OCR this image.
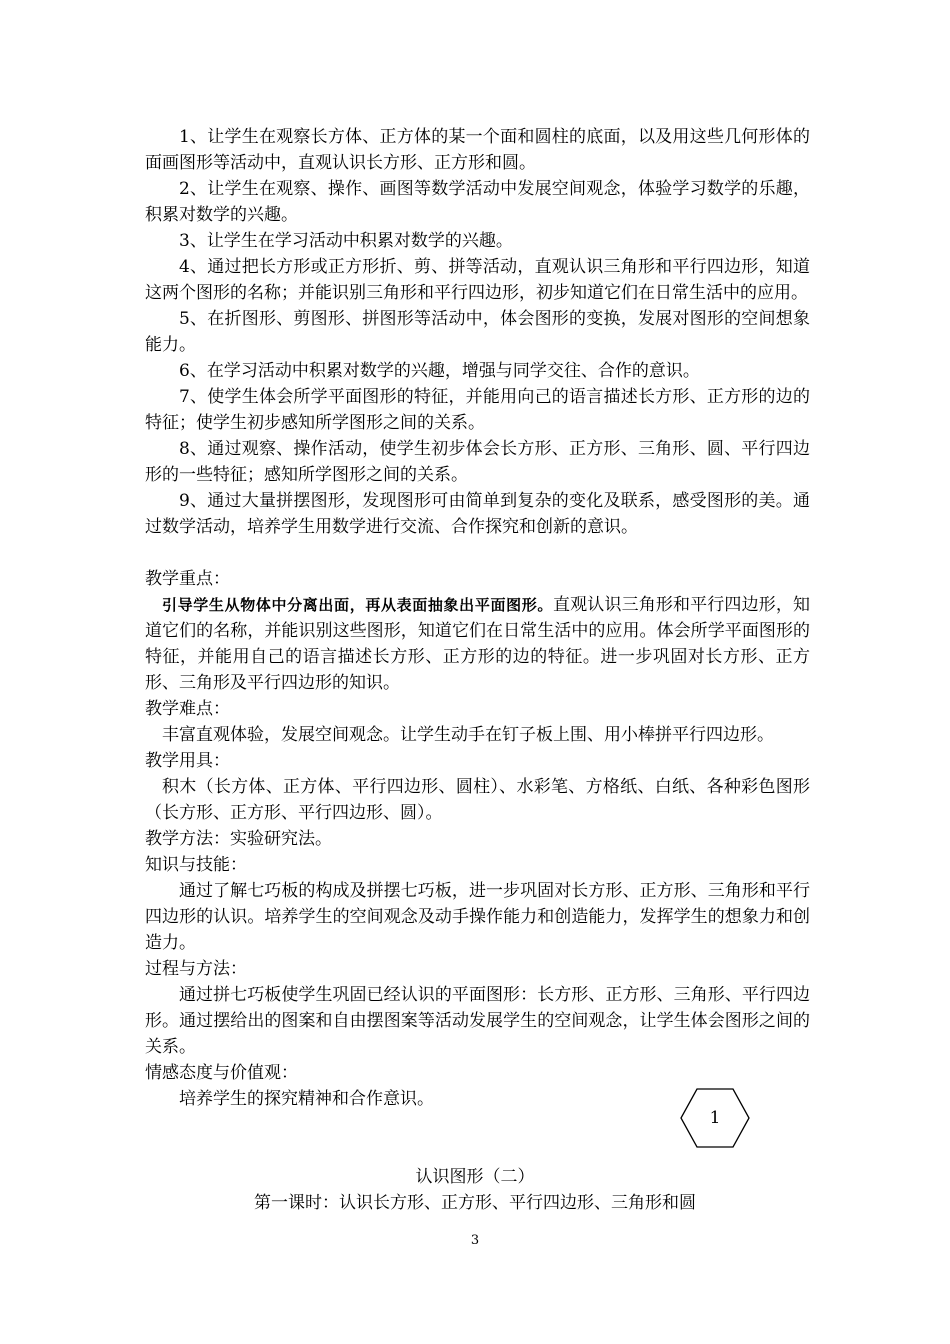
1、让学生在观察长方体、正方体的某一个面和圆柱的底面，以及用这些几何形体的面画图形等活动中，直观认识长方形、正方形和圆。

2、让学生在观察、操作、画图等数学活动中发展空间观念，体验学习数学的乐趣，积累对数学的兴趣。

3、让学生在学习活动中积累对数学的兴趣。

4、通过把长方形或正方形折、剪、拼等活动，直观认识三角形和平行四边形，知道这两个图形的名称；并能识别三角形和平行四边形，初步知道它们在日常生活中的应用。

5、在折图形、剪图形、拼图形等活动中，体会图形的变换，发展对图形的空间想象能力。

6、在学习活动中积累对数学的兴趣，增强与同学交往、合作的意识。

7、使学生体会所学平面图形的特征，并能用向己的语言描述长方形、正方形的边的特征；使学生初步感知所学图形之间的关系。

8、通过观察、操作活动，使学生初步体会长方形、正方形、三角形、圆、平行四边形的一些特征；感知所学图形之间的关系。

9、通过大量拼摆图形，发现图形可由简单到复杂的变化及联系，感受图形的美。通过数学活动，培养学生用数学进行交流、合作探究和创新的意识。

教学重点：

引导学生从物体中分离出面，再从表面抽象出平面图形。直观认识三角形和平行四边形，知道它们的名称，并能识别这些图形，知道它们在日常生活中的应用。体会所学平面图形的特征，并能用自己的语言描述长方形、正方形的边的特征。进一步巩固对长方形、正方形、三角形及平行四边形的知识。

教学难点：

丰富直观体验，发展空间观念。让学生动手在钉子板上围、用小棒拼平行四边形。

教学用具：

积木（长方体、正方体、平行四边形、圆柱）、水彩笔、方格纸、白纸、各种彩色图形（长方形、正方形、平行四边形、圆）。

教学方法：实验研究法。

知识与技能：

通过了解七巧板的构成及拼摆七巧板，进一步巩固对长方形、正方形、三角形和平行四边形的认识。培养学生的空间观念及动手操作能力和创造能力，发挥学生的想象力和创造力。

过程与方法：

通过拼七巧板使学生巩固已经认识的平面图形：长方形、正方形、三角形、平行四边形。通过摆给出的图案和自由摆图案等活动发展学生的空间观念，让学生体会图形之间的关系。

情感态度与价值观：

培养学生的探究精神和合作意识。

1
认识图形（二）
第一课时：认识长方形、正方形、平行四边形、三角形和圆
3
